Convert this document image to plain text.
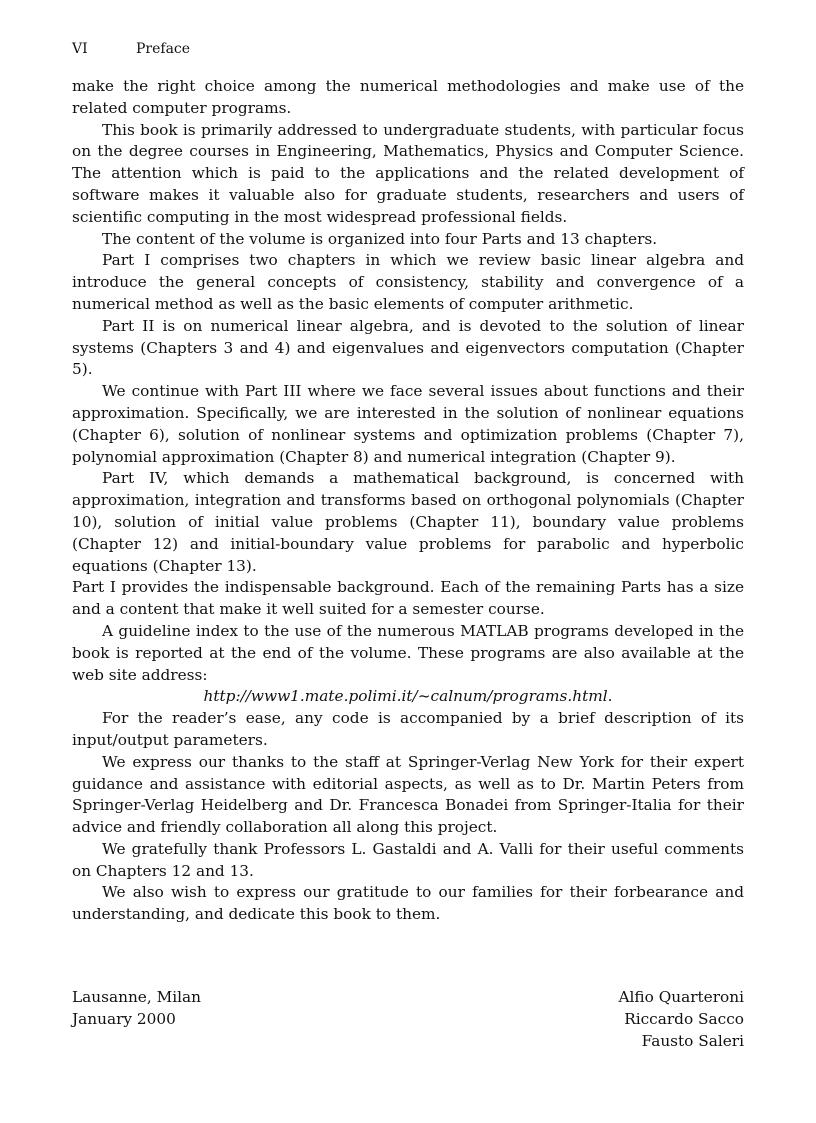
VI	Preface

make the right choice among the numerical methodologies and make use of the related computer programs.

This book is primarily addressed to undergraduate students, with particular focus on the degree courses in Engineering, Mathematics, Physics and Computer Science. The attention which is paid to the applications and the related development of software makes it valuable also for graduate students, researchers and users of scientific computing in the most widespread professional fields.

The content of the volume is organized into four Parts and 13 chapters.

Part I comprises two chapters in which we review basic linear algebra and introduce the general concepts of consistency, stability and convergence of a numerical method as well as the basic elements of computer arithmetic.

Part II is on numerical linear algebra, and is devoted to the solution of linear systems (Chapters 3 and 4) and eigenvalues and eigenvectors computation (Chapter 5).

We continue with Part III where we face several issues about functions and their approximation. Specifically, we are interested in the solution of nonlinear equations (Chapter 6), solution of nonlinear systems and optimization problems (Chapter 7), polynomial approximation (Chapter 8) and numerical integration (Chapter 9).

Part IV, which demands a mathematical background, is concerned with approximation, integration and transforms based on orthogonal polynomials (Chapter 10), solution of initial value problems (Chapter 11), boundary value problems (Chapter 12) and initial-boundary value problems for parabolic and hyperbolic equations (Chapter 13).

Part I provides the indispensable background. Each of the remaining Parts has a size and a content that make it well suited for a semester course.

A guideline index to the use of the numerous MATLAB programs developed in the book is reported at the end of the volume. These programs are also available at the web site address:

http://www1.mate.polimi.it/~calnum/programs.html.

For the reader’s ease, any code is accompanied by a brief description of its input/output parameters.

We express our thanks to the staff at Springer-Verlag New York for their expert guidance and assistance with editorial aspects, as well as to Dr. Martin Peters from Springer-Verlag Heidelberg and Dr. Francesca Bonadei from Springer-Italia for their advice and friendly collaboration all along this project.

We gratefully thank Professors L. Gastaldi and A. Valli for their useful comments on Chapters 12 and 13.

We also wish to express our gratitude to our families for their forbearance and understanding, and dedicate this book to them.

Lausanne, Milan
January 2000
Alfio Quarteroni
Riccardo Sacco
Fausto Saleri
